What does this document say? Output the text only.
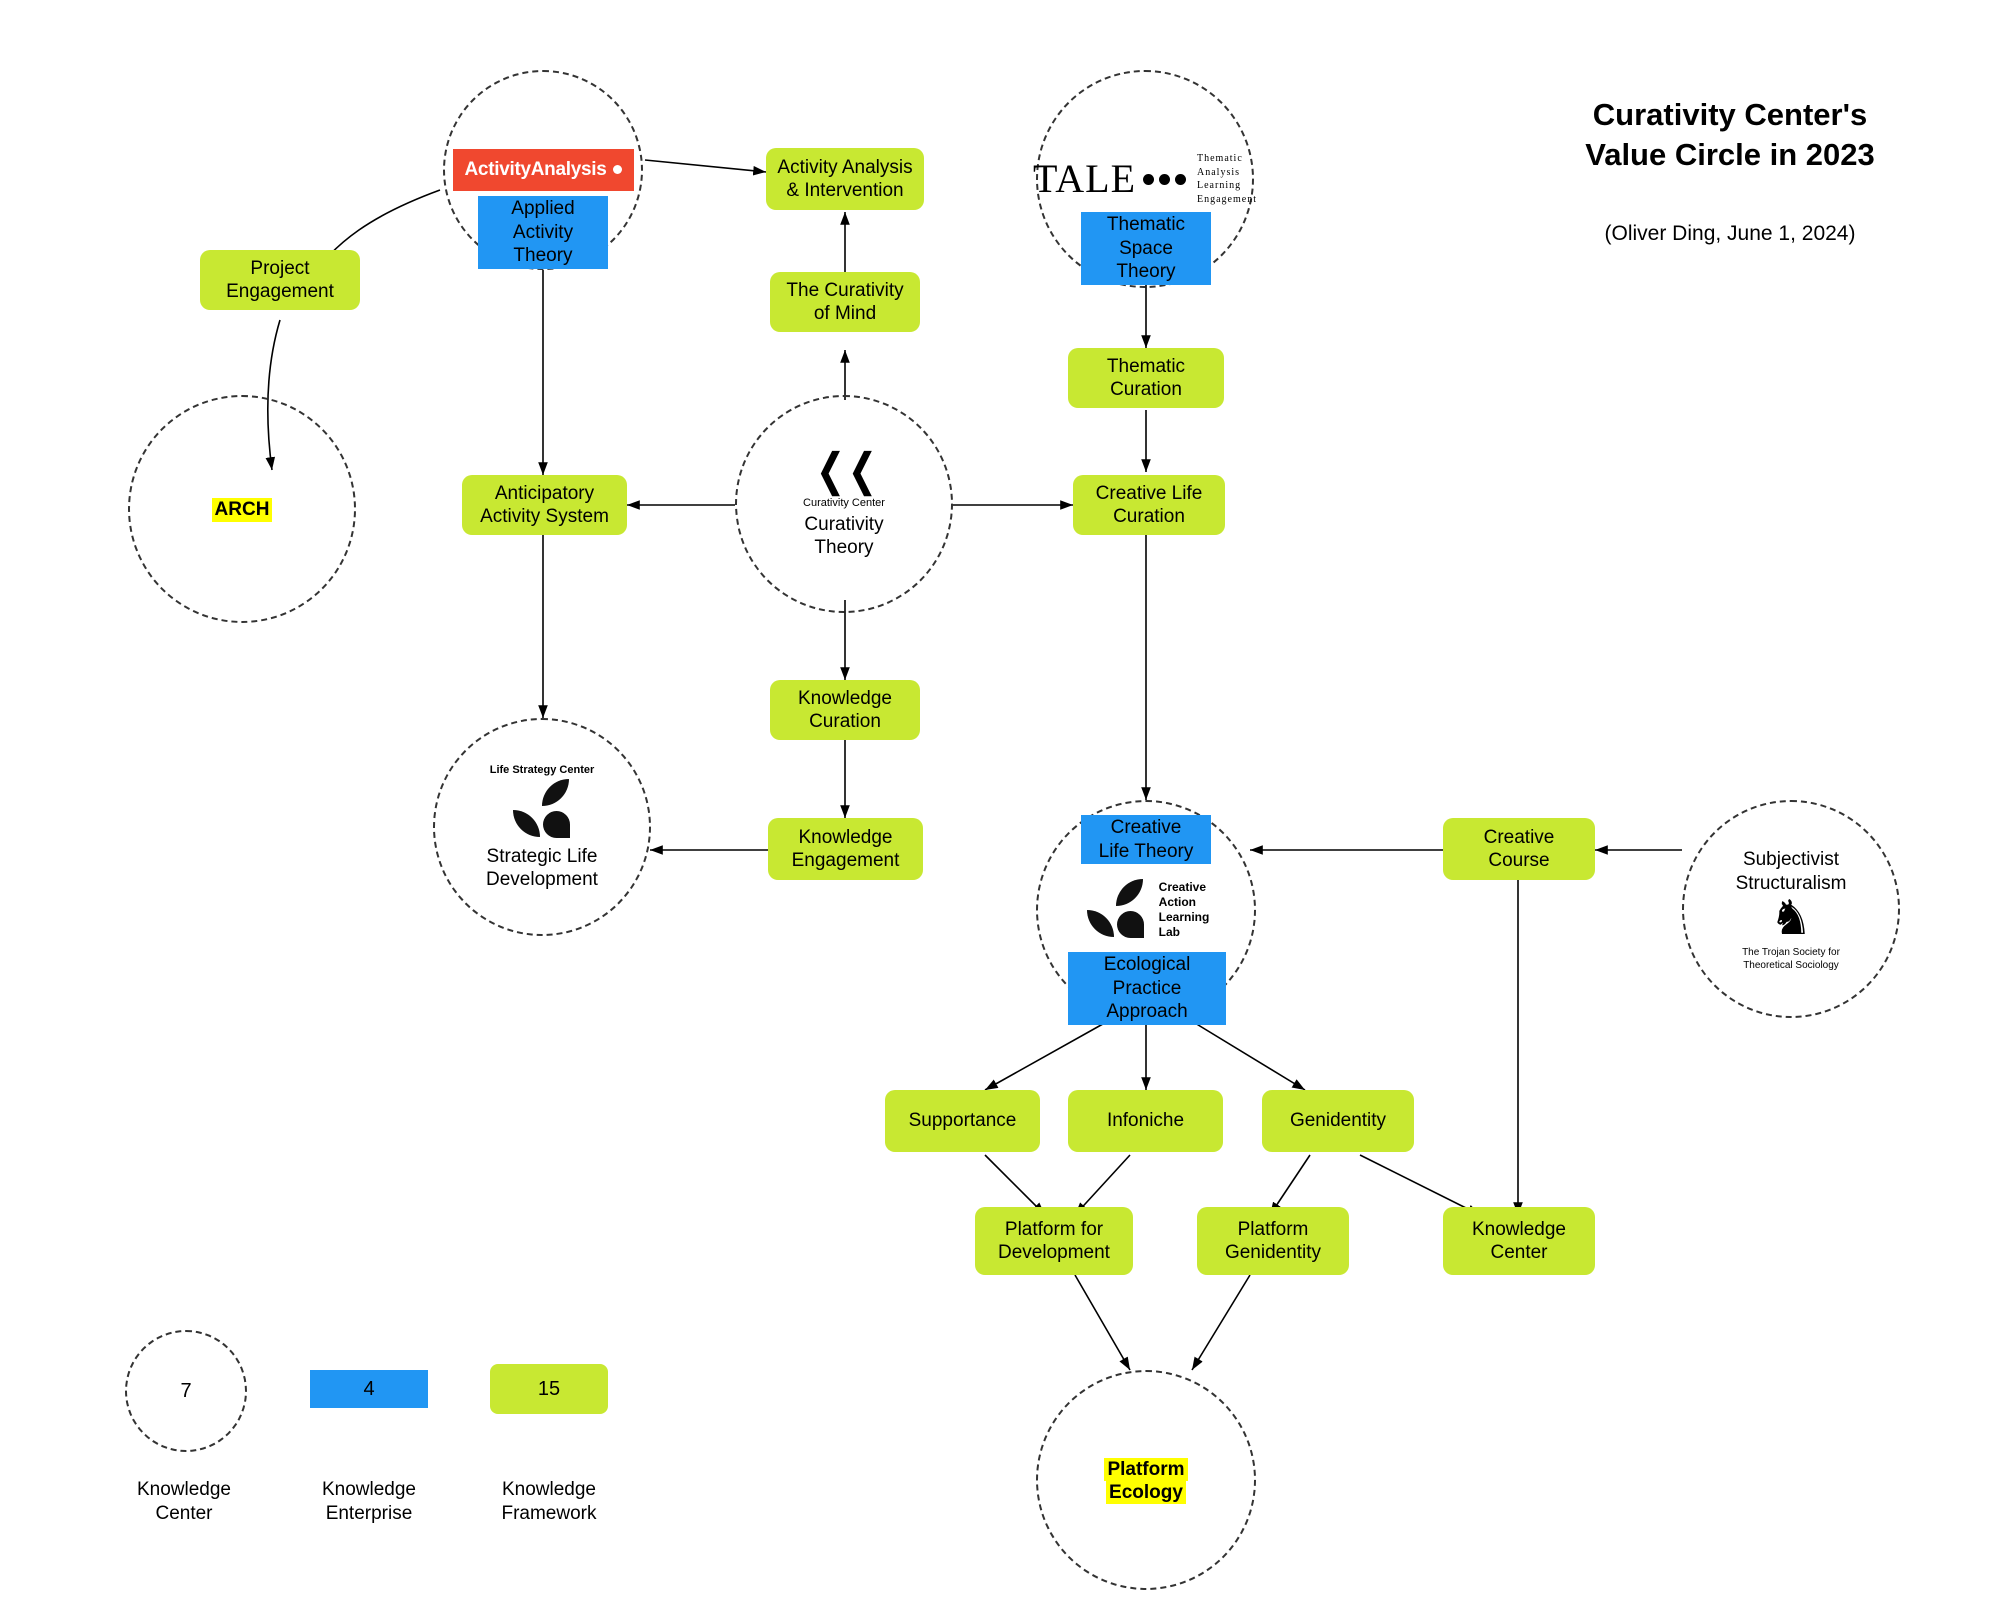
ActivityAnalysis
Applied
Activity Theory
TALE	Thematic
Analysis
Learning
Engagement
Thematic Space
Theory
ARCH
❬❬
Curativity Center
Curativity
Theory
Life Strategy Center
Strategic Life
Development	Creative
Action
Learning
Lab
Creative
Life Theory
Ecological Practice
Approach
Subjectivist
Structuralism
♞
The Trojan Society for
Theoretical Sociology
Platform
Ecology
Project
Engagement
Activity Analysis
& Intervention
The Curativity
of Mind
Thematic
Curation
Anticipatory
Activity System
Creative Life
Curation
Knowledge
Curation
Knowledge
Engagement
Creative
Course
Supportance	Infoniche	Genidentity
Platform for
Development
Platform
Genidentity
Knowledge
Center
Curativity Center's
Value Circle in 2023
(Oliver Ding, June 1, 2024)
7
Knowledge
Center
4
Knowledge
Enterprise
15
Knowledge
Framework
